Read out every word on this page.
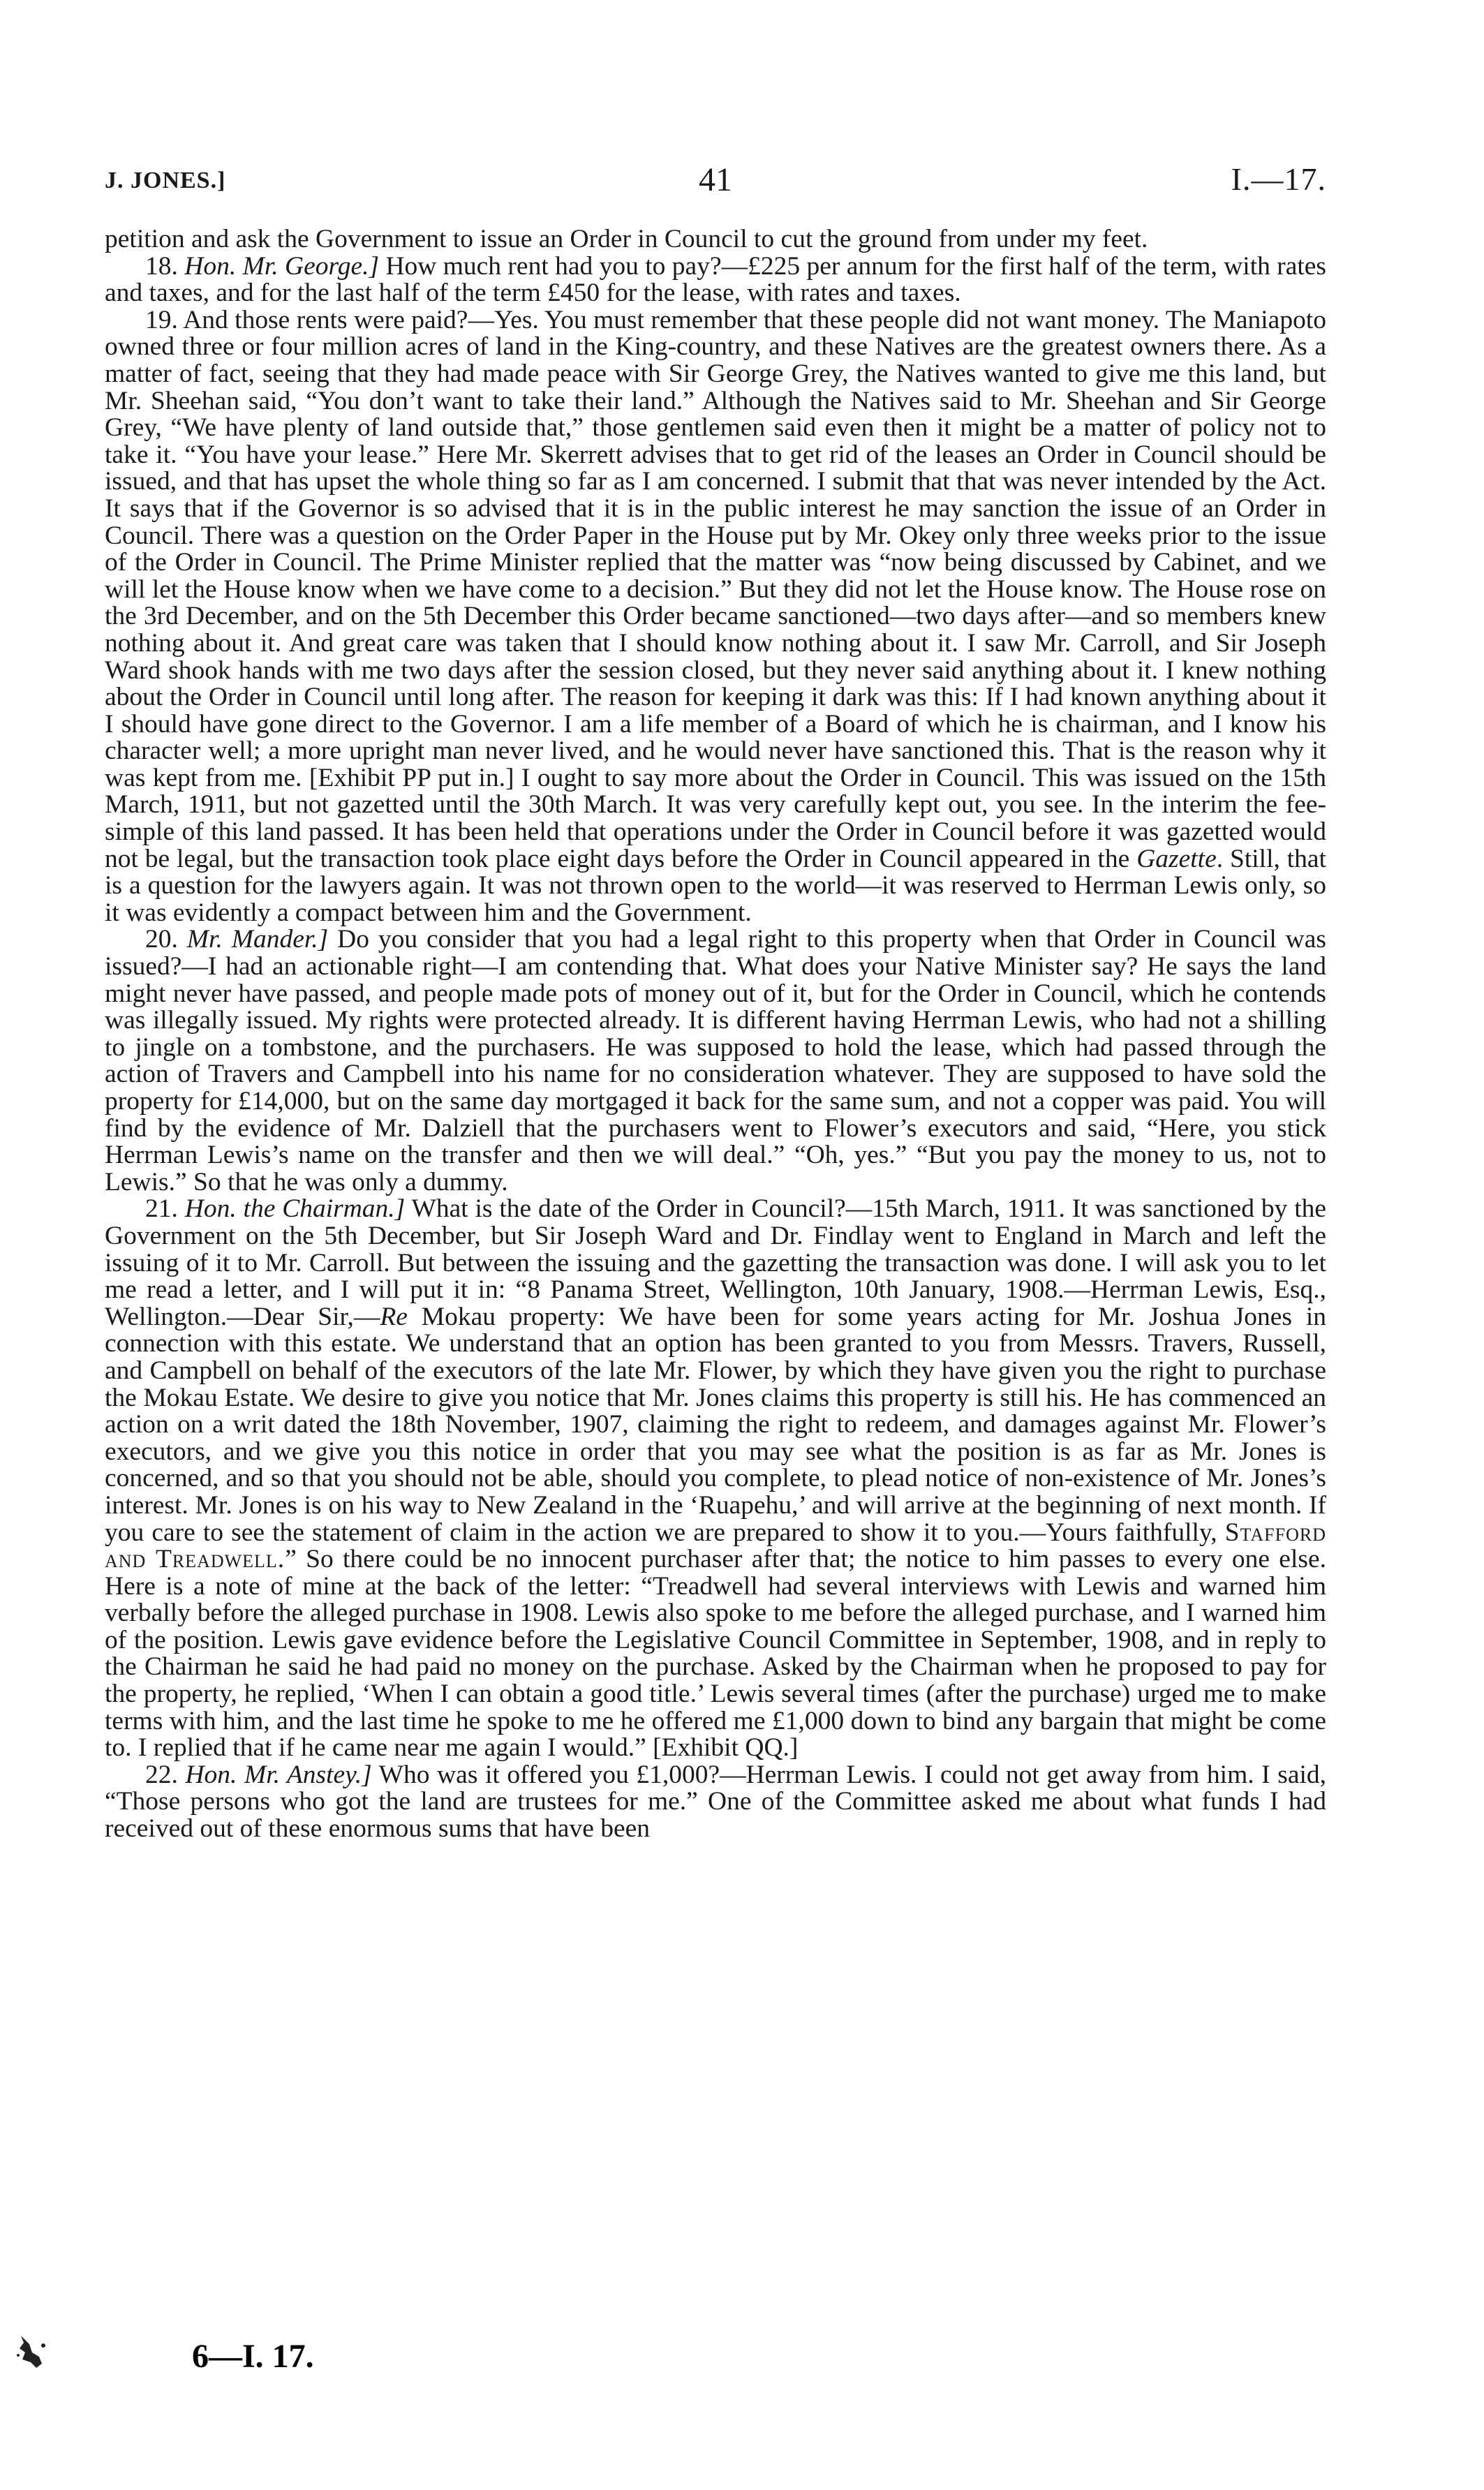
J. JONES.]	41	I.—17.

petition and ask the Government to issue an Order in Council to cut the ground from under my feet.

18. Hon. Mr. George.] How much rent had you to pay?—£225 per annum for the first half of the term, with rates and taxes, and for the last half of the term £450 for the lease, with rates and taxes.

19. And those rents were paid?—Yes. You must remember that these people did not want money. The Maniapoto owned three or four million acres of land in the King-country, and these Natives are the greatest owners there. As a matter of fact, seeing that they had made peace with Sir George Grey, the Natives wanted to give me this land, but Mr. Sheehan said, “You don’t want to take their land.” Although the Natives said to Mr. Sheehan and Sir George Grey, “We have plenty of land outside that,” those gentlemen said even then it might be a matter of policy not to take it. “You have your lease.” Here Mr. Skerrett advises that to get rid of the leases an Order in Council should be issued, and that has upset the whole thing so far as I am concerned. I submit that that was never intended by the Act. It says that if the Governor is so advised that it is in the public interest he may sanction the issue of an Order in Council. There was a question on the Order Paper in the House put by Mr. Okey only three weeks prior to the issue of the Order in Council. The Prime Minister replied that the matter was “now being discussed by Cabinet, and we will let the House know when we have come to a decision.” But they did not let the House know. The House rose on the 3rd December, and on the 5th December this Order became sanctioned—two days after—and so members knew nothing about it. And great care was taken that I should know nothing about it. I saw Mr. Carroll, and Sir Joseph Ward shook hands with me two days after the session closed, but they never said anything about it. I knew nothing about the Order in Council until long after. The reason for keeping it dark was this: If I had known anything about it I should have gone direct to the Governor. I am a life member of a Board of which he is chairman, and I know his character well; a more upright man never lived, and he would never have sanctioned this. That is the reason why it was kept from me. [Exhibit PP put in.] I ought to say more about the Order in Council. This was issued on the 15th March, 1911, but not gazetted until the 30th March. It was very carefully kept out, you see. In the interim the fee-simple of this land passed. It has been held that operations under the Order in Council before it was gazetted would not be legal, but the transaction took place eight days before the Order in Council appeared in the Gazette. Still, that is a question for the lawyers again. It was not thrown open to the world—it was reserved to Herrman Lewis only, so it was evidently a compact between him and the Government.

20. Mr. Mander.] Do you consider that you had a legal right to this property when that Order in Council was issued?—I had an actionable right—I am contending that. What does your Native Minister say? He says the land might never have passed, and people made pots of money out of it, but for the Order in Council, which he contends was illegally issued. My rights were protected already. It is different having Herrman Lewis, who had not a shilling to jingle on a tombstone, and the purchasers. He was supposed to hold the lease, which had passed through the action of Travers and Campbell into his name for no consideration whatever. They are supposed to have sold the property for £14,000, but on the same day mortgaged it back for the same sum, and not a copper was paid. You will find by the evidence of Mr. Dalziell that the purchasers went to Flower’s executors and said, “Here, you stick Herrman Lewis’s name on the transfer and then we will deal.” “Oh, yes.” “But you pay the money to us, not to Lewis.” So that he was only a dummy.

21. Hon. the Chairman.] What is the date of the Order in Council?—15th March, 1911. It was sanctioned by the Government on the 5th December, but Sir Joseph Ward and Dr. Findlay went to England in March and left the issuing of it to Mr. Carroll. But between the issuing and the gazetting the transaction was done. I will ask you to let me read a letter, and I will put it in: “8 Panama Street, Wellington, 10th January, 1908.—Herrman Lewis, Esq., Wellington.—Dear Sir,—Re Mokau property: We have been for some years acting for Mr. Joshua Jones in connection with this estate. We understand that an option has been granted to you from Messrs. Travers, Russell, and Campbell on behalf of the executors of the late Mr. Flower, by which they have given you the right to purchase the Mokau Estate. We desire to give you notice that Mr. Jones claims this property is still his. He has commenced an action on a writ dated the 18th November, 1907, claiming the right to redeem, and damages against Mr. Flower’s executors, and we give you this notice in order that you may see what the position is as far as Mr. Jones is concerned, and so that you should not be able, should you complete, to plead notice of non-existence of Mr. Jones’s interest. Mr. Jones is on his way to New Zealand in the ‘Ruapehu,’ and will arrive at the beginning of next month. If you care to see the statement of claim in the action we are prepared to show it to you.—Yours faithfully, Stafford and Treadwell.” So there could be no innocent purchaser after that; the notice to him passes to every one else. Here is a note of mine at the back of the letter: “Treadwell had several interviews with Lewis and warned him verbally before the alleged purchase in 1908. Lewis also spoke to me before the alleged purchase, and I warned him of the position. Lewis gave evidence before the Legislative Council Committee in September, 1908, and in reply to the Chairman he said he had paid no money on the purchase. Asked by the Chairman when he proposed to pay for the property, he replied, ‘When I can obtain a good title.’ Lewis several times (after the purchase) urged me to make terms with him, and the last time he spoke to me he offered me £1,000 down to bind any bargain that might be come to. I replied that if he came near me again I would.” [Exhibit QQ.]

22. Hon. Mr. Anstey.] Who was it offered you £1,000?—Herrman Lewis. I could not get away from him. I said, “Those persons who got the land are trustees for me.” One of the Committee asked me about what funds I had received out of these enormous sums that have been

6—I. 17.
